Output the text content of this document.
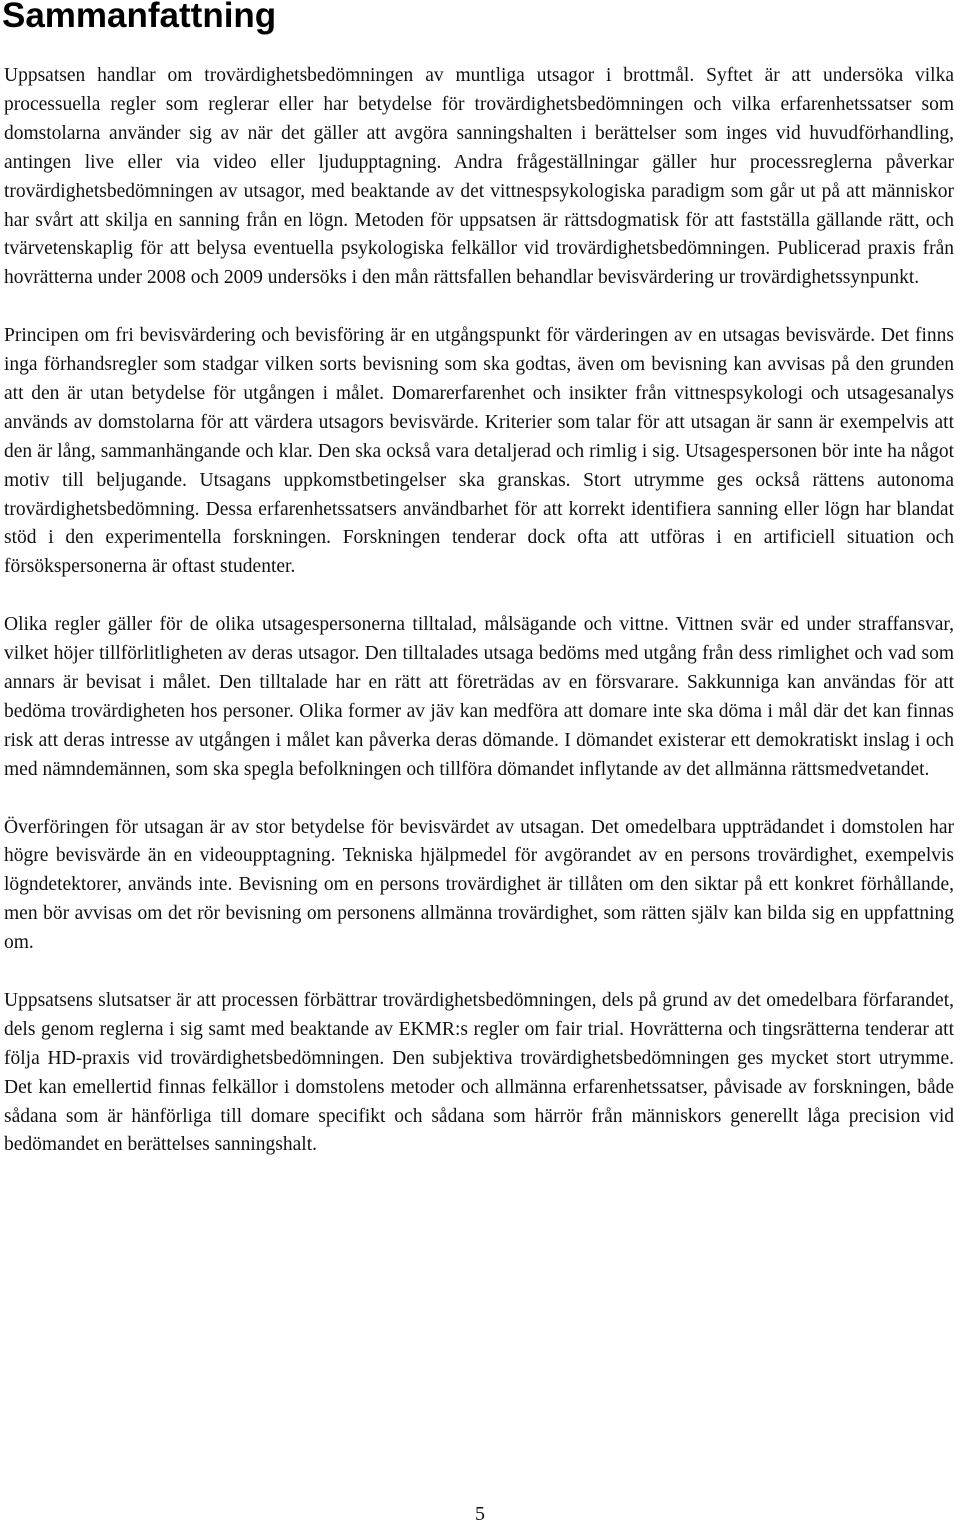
Sammanfattning

Uppsatsen handlar om trovärdighetsbedömningen av muntliga utsagor i brottmål. Syftet är att undersöka vilka processuella regler som reglerar eller har betydelse för trovärdighetsbedömningen och vilka erfarenhetssatser som domstolarna använder sig av när det gäller att avgöra sanningshalten i berättelser som inges vid huvudförhandling, antingen live eller via video eller ljudupptagning. Andra frågeställningar gäller hur processreglerna påverkar trovärdighetsbedömningen av utsagor, med beaktande av det vittnespsykologiska paradigm som går ut på att människor har svårt att skilja en sanning från en lögn. Metoden för uppsatsen är rättsdogmatisk för att fastställa gällande rätt, och tvärvetenskaplig för att belysa eventuella psykologiska felkällor vid trovärdighetsbedömningen. Publicerad praxis från hovrätterna under 2008 och 2009 undersöks i den mån rättsfallen behandlar bevisvärdering ur trovärdighetssynpunkt.

Principen om fri bevisvärdering och bevisföring är en utgångspunkt för värderingen av en utsagas bevisvärde. Det finns inga förhandsregler som stadgar vilken sorts bevisning som ska godtas, även om bevisning kan avvisas på den grunden att den är utan betydelse för utgången i målet. Domarerfarenhet och insikter från vittnespsykologi och utsagesanalys används av domstolarna för att värdera utsagors bevisvärde. Kriterier som talar för att utsagan är sann är exempelvis att den är lång, sammanhängande och klar. Den ska också vara detaljerad och rimlig i sig. Utsagespersonen bör inte ha något motiv till beljugande. Utsagans uppkomstbetingelser ska granskas. Stort utrymme ges också rättens autonoma trovärdighetsbedömning. Dessa erfarenhetssatsers användbarhet för att korrekt identifiera sanning eller lögn har blandat stöd i den experimentella forskningen. Forskningen tenderar dock ofta att utföras i en artificiell situation och försökspersonerna är oftast studenter.

Olika regler gäller för de olika utsagespersonerna tilltalad, målsägande och vittne. Vittnen svär ed under straffansvar, vilket höjer tillförlitligheten av deras utsagor. Den tilltalades utsaga bedöms med utgång från dess rimlighet och vad som annars är bevisat i målet. Den tilltalade har en rätt att företrädas av en försvarare. Sakkunniga kan användas för att bedöma trovärdigheten hos personer. Olika former av jäv kan medföra att domare inte ska döma i mål där det kan finnas risk att deras intresse av utgången i målet kan påverka deras dömande. I dömandet existerar ett demokratiskt inslag i och med nämndemännen, som ska spegla befolkningen och tillföra dömandet inflytande av det allmänna rättsmedvetandet.

Överföringen för utsagan är av stor betydelse för bevisvärdet av utsagan. Det omedelbara uppträdandet i domstolen har högre bevisvärde än en videoupptagning. Tekniska hjälpmedel för avgörandet av en persons trovärdighet, exempelvis lögndetektorer, används inte. Bevisning om en persons trovärdighet är tillåten om den siktar på ett konkret förhållande, men bör avvisas om det rör bevisning om personens allmänna trovärdighet, som rätten själv kan bilda sig en uppfattning om.

Uppsatsens slutsatser är att processen förbättrar trovärdighetsbedömningen, dels på grund av det omedelbara förfarandet, dels genom reglerna i sig samt med beaktande av EKMR:s regler om fair trial. Hovrätterna och tingsrätterna tenderar att följa HD-praxis vid trovärdighetsbedömningen. Den subjektiva trovärdighetsbedömningen ges mycket stort utrymme. Det kan emellertid finnas felkällor i domstolens metoder och allmänna erfarenhetssatser, påvisade av forskningen, både sådana som är hänförliga till domare specifikt och sådana som härrör från människors generellt låga precision vid bedömandet en berättelses sanningshalt.

5
